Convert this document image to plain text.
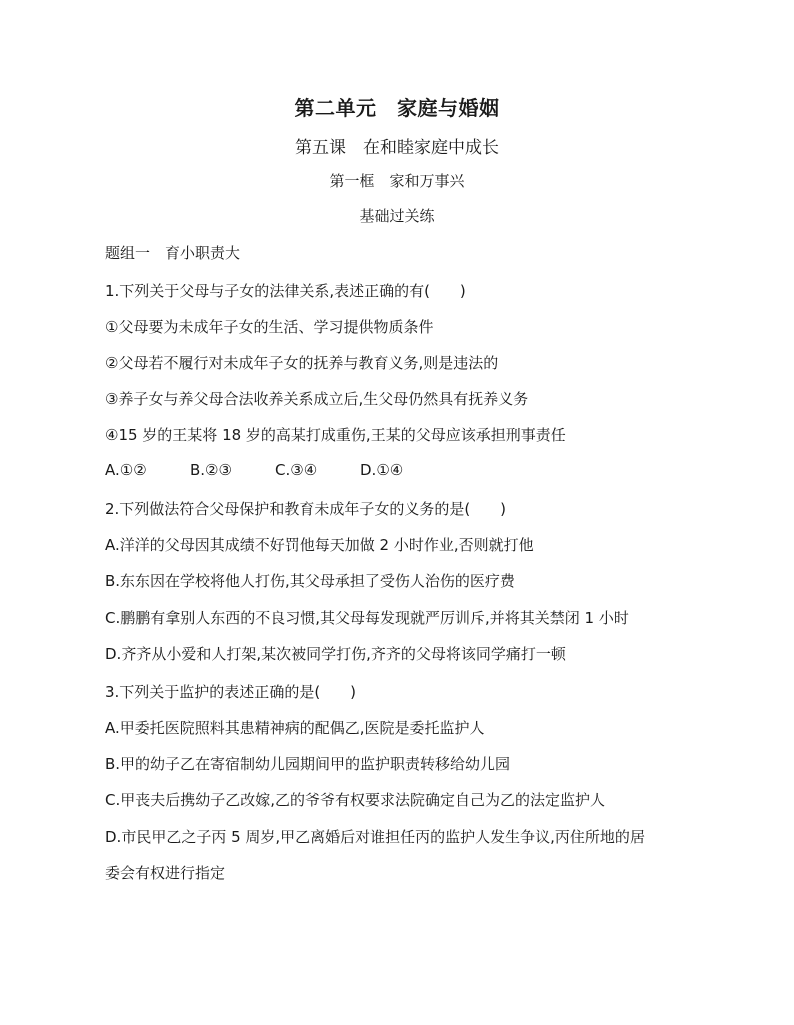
第二单元　家庭与婚姻
第五课　在和睦家庭中成长
第一框　家和万事兴
基础过关练
题组一　育小职责大
1.下列关于父母与子女的法律关系,表述正确的有(　　)
①父母要为未成年子女的生活、学习提供物质条件
②父母若不履行对未成年子女的抚养与教育义务,则是违法的
③养子女与养父母合法收养关系成立后,生父母仍然具有抚养义务
④15 岁的王某将 18 岁的高某打成重伤,王某的父母应该承担刑事责任
A.①②	B.②③	C.③④	D.①④
2.下列做法符合父母保护和教育未成年子女的义务的是(　　)
A.洋洋的父母因其成绩不好罚他每天加做 2 小时作业,否则就打他
B.东东因在学校将他人打伤,其父母承担了受伤人治伤的医疗费
C.鹏鹏有拿别人东西的不良习惯,其父母每发现就严厉训斥,并将其关禁闭 1 小时
D.齐齐从小爱和人打架,某次被同学打伤,齐齐的父母将该同学痛打一顿
3.下列关于监护的表述正确的是(　　)
A.甲委托医院照料其患精神病的配偶乙,医院是委托监护人
B.甲的幼子乙在寄宿制幼儿园期间甲的监护职责转移给幼儿园
C.甲丧夫后携幼子乙改嫁,乙的爷爷有权要求法院确定自己为乙的法定监护人
D.市民甲乙之子丙 5 周岁,甲乙离婚后对谁担任丙的监护人发生争议,丙住所地的居
委会有权进行指定
